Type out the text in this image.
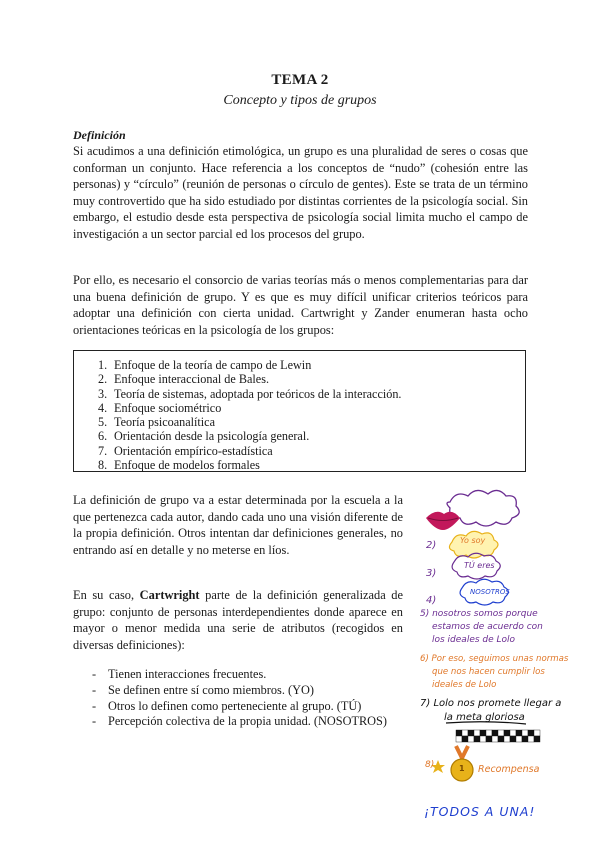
TEMA 2
Concepto y tipos de grupos
Definición
Si acudimos a una definición etimológica, un grupo es una pluralidad de seres o cosas que conforman un conjunto. Hace referencia a los conceptos de “nudo” (cohesión entre las personas) y “círculo” (reunión de personas o círculo de gentes). Este se trata de un término muy controvertido que ha sido estudiado por distintas corrientes de la psicología social. Sin embargo, el estudio desde esta perspectiva de psicología social limita mucho el campo de investigación a un sector parcial ed los procesos del grupo.
Por ello, es necesario el consorcio de varias teorías más o menos complementarias para dar una buena definición de grupo. Y es que es muy difícil unificar criterios teóricos para adoptar una definición con cierta unidad. Cartwright y Zander enumeran hasta ocho orientaciones teóricas en la psicología de los grupos:
1. Enfoque de la teoría de campo de Lewin
2. Enfoque interaccional de Bales.
3. Teoría de sistemas, adoptada por teóricos de la interacción.
4. Enfoque sociométrico
5. Teoría psicoanalítica
6. Orientación desde la psicología general.
7. Orientación empírico-estadística
8. Enfoque de modelos formales
La definición de grupo va a estar determinada por la escuela a la que pertenezca cada autor, dando cada uno una visión diferente de la propia definición. Otros intentan dar definiciones generales, no entrando así en detalle y no meterse en líos.
En su caso, Cartwright parte de la definición generalizada de grupo: conjunto de personas interdependientes donde aparece en mayor o menor medida una serie de atributos (recogidos en diversas definiciones):
- Tienen interacciones frecuentes.
- Se definen entre sí como miembros. (YO)
- Otros lo definen como perteneciente al grupo. (TÚ)
- Percepción colectiva de la propia unidad. (NOSOTROS)
2)	Yo soy
3)
TÚ eres
4)
NOSOTROS
5) nosotros somos porque
estamos de acuerdo con
los ideales de Lolo
6) Por eso, seguimos unas normas
que nos hacen cumplir los
ideales de Lolo
7) Lolo nos promete llegar a
la meta gloriosa
8)	1 Recompensa
¡TODOS A UNA!
